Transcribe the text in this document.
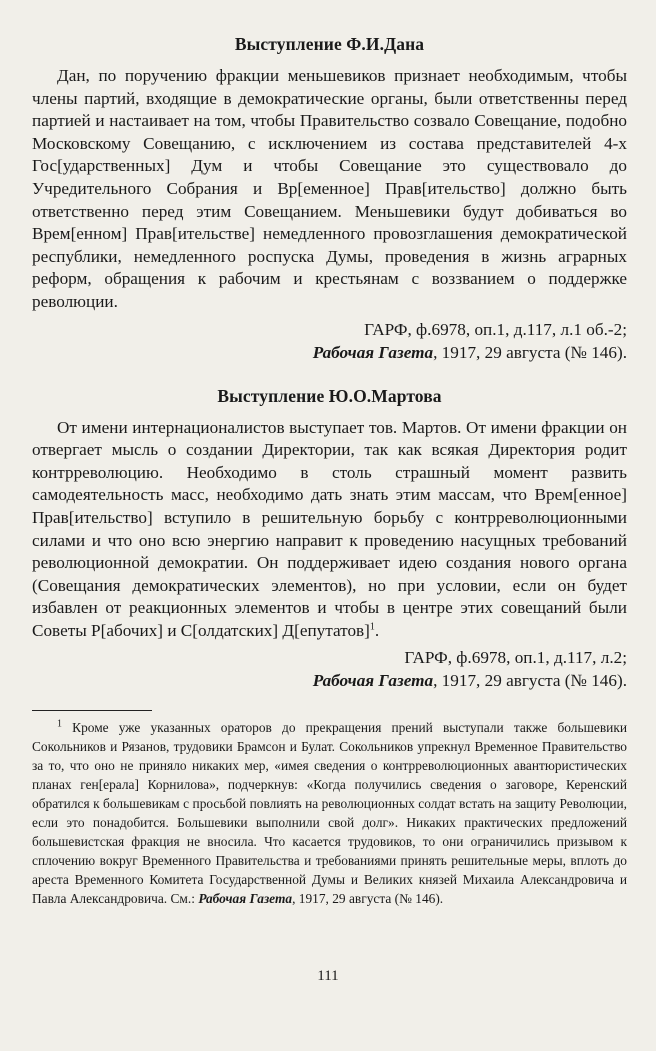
Выступление Ф.И.Дана

Дан, по поручению фракции меньшевиков признает необходимым, чтобы члены партий, входящие в демократические органы, были ответственны перед партией и настаивает на том, чтобы Правительство созвало Совещание, подобно Московскому Совещанию, с исключением из состава представителей 4-х Гос[ударственных] Дум и чтобы Совещание это существовало до Учредительного Собрания и Вр[еменное] Прав[ительство] должно быть ответственно перед этим Совещанием. Меньшевики будут добиваться во Врем[енном] Прав[ительстве] немедленного провозглашения демократической республики, немедленного роспуска Думы, проведения в жизнь аграрных реформ, обращения к рабочим и крестьянам с воззванием о поддержке революции.

ГАРФ, ф.6978, оп.1, д.117, л.1 об.-2;
Рабочая Газета, 1917, 29 августа (№ 146).
Выступление Ю.О.Мартова

От имени интернационалистов выступает тов. Мартов. От имени фракции он отвергает мысль о создании Директории, так как всякая Директория родит контрреволюцию. Необходимо в столь страшный момент развить самодеятельность масс, необходимо дать знать этим массам, что Врем[енное] Прав[ительство] вступило в решительную борьбу с контрреволюционными силами и что оно всю энергию направит к проведению насущных требований революционной демократии. Он поддерживает идею создания нового органа (Совещания демократических элементов), но при условии, если он будет избавлен от реакционных элементов и чтобы в центре этих совещаний были Советы Р[абочих] и С[олдатских] Д[епутатов]$^1$.

ГАРФ, ф.6978, оп.1, д.117, л.2;
Рабочая Газета, 1917, 29 августа (№ 146).

$^1$ Кроме уже указанных ораторов до прекращения прений выступали также большевики Сокольников и Рязанов, трудовики Брамсон и Булат. Сокольников упрекнул Временное Правительство за то, что оно не приняло никаких мер, «имея сведения о контрреволюционных авантюристических планах ген[ерала] Корнилова», подчеркнув: «Когда получились сведения о заговоре, Керенский обратился к большевикам с просьбой повлиять на революционных солдат встать на защиту Революции, если это понадобится. Большевики выполнили свой долг». Никаких практических предложений большевистская фракция не вносила. Что касается трудовиков, то они ограничились призывом к сплочению вокруг Временного Правительства и требованиями принять решительные меры, вплоть до ареста Временного Комитета Государственной Думы и Великих князей Михаила Александровича и Павла Александровича. См.: Рабочая Газета, 1917, 29 августа (№ 146).

111
